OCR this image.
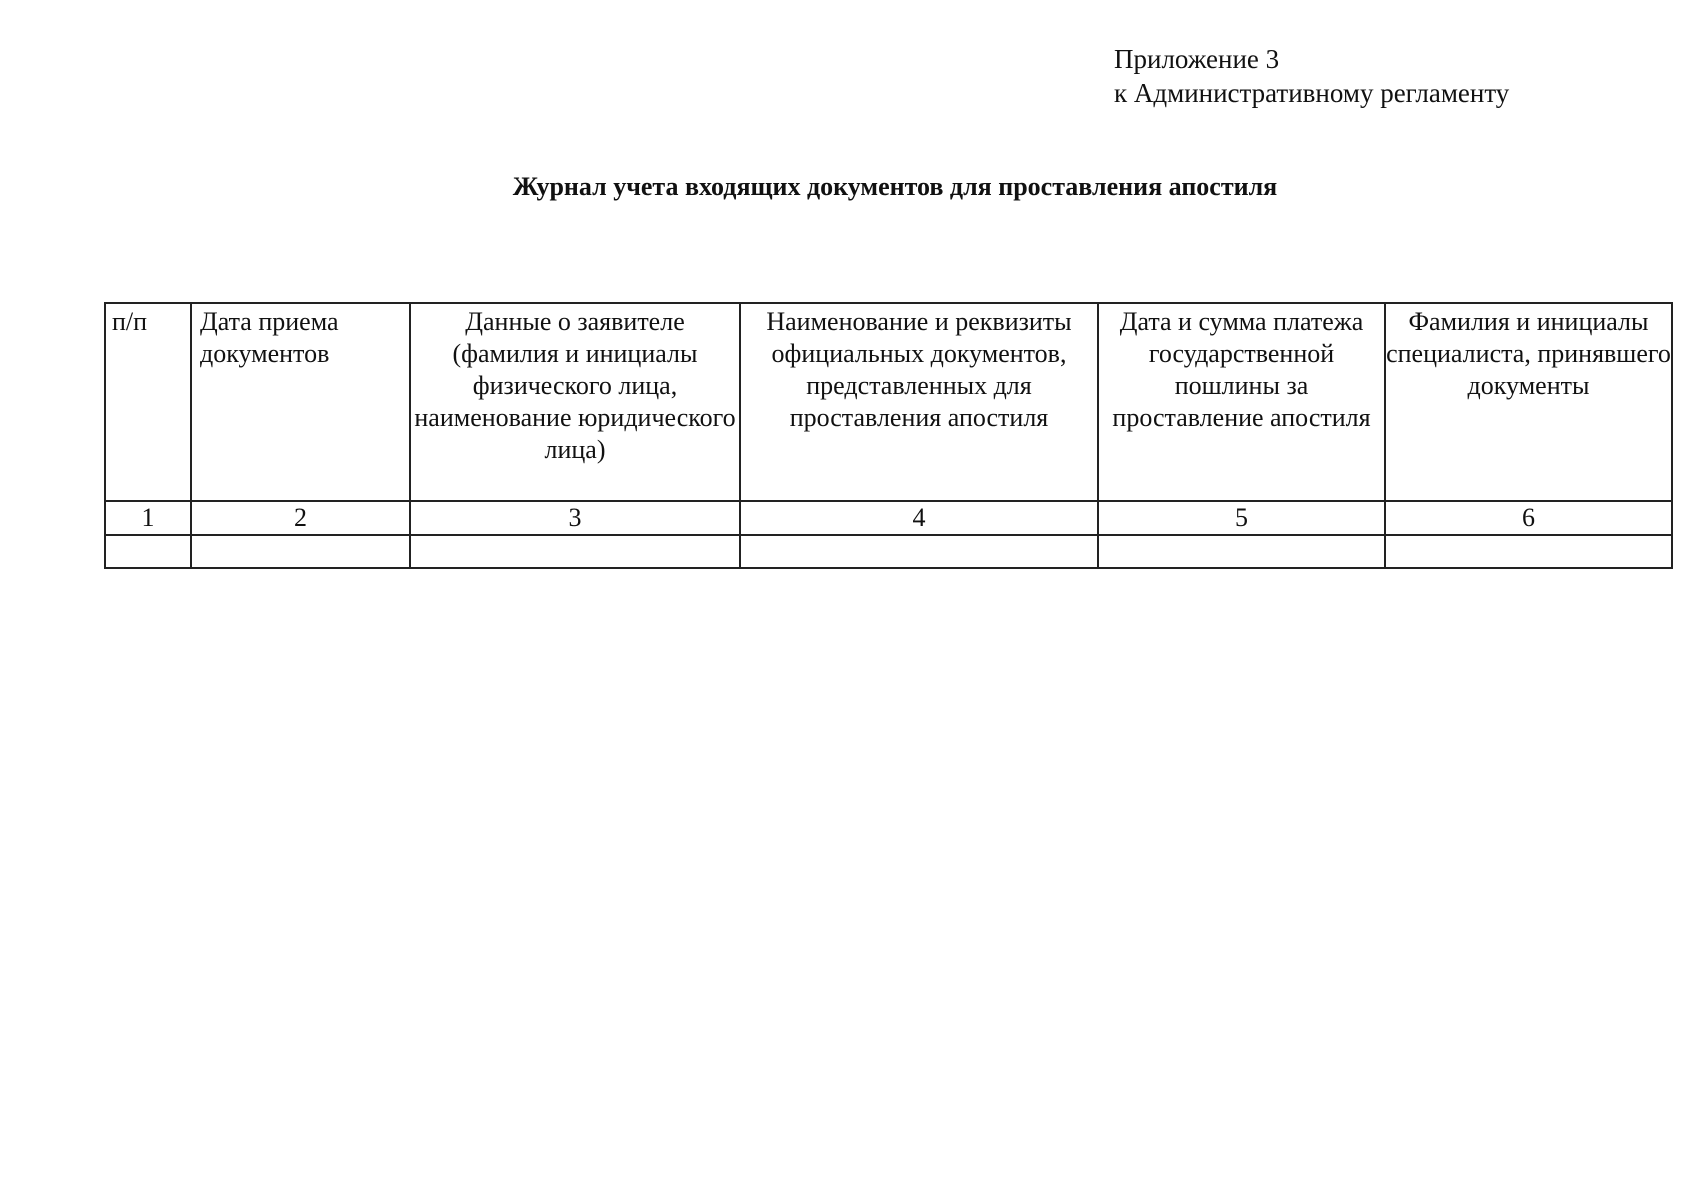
Приложение 3
к Административному регламенту
Журнал учета входящих документов для проставления апостиля
п/п	Дата приема документов	Данные о заявителе (фамилия и инициалы физического лица, наименование юридического лица)	Наименование и реквизиты официальных документов, представленных для проставления апостиля	Дата и сумма платежа государственной пошлины за проставление апостиля	Фамилия и инициалы специалиста, принявшего документы
1	2	3	4	5	6
